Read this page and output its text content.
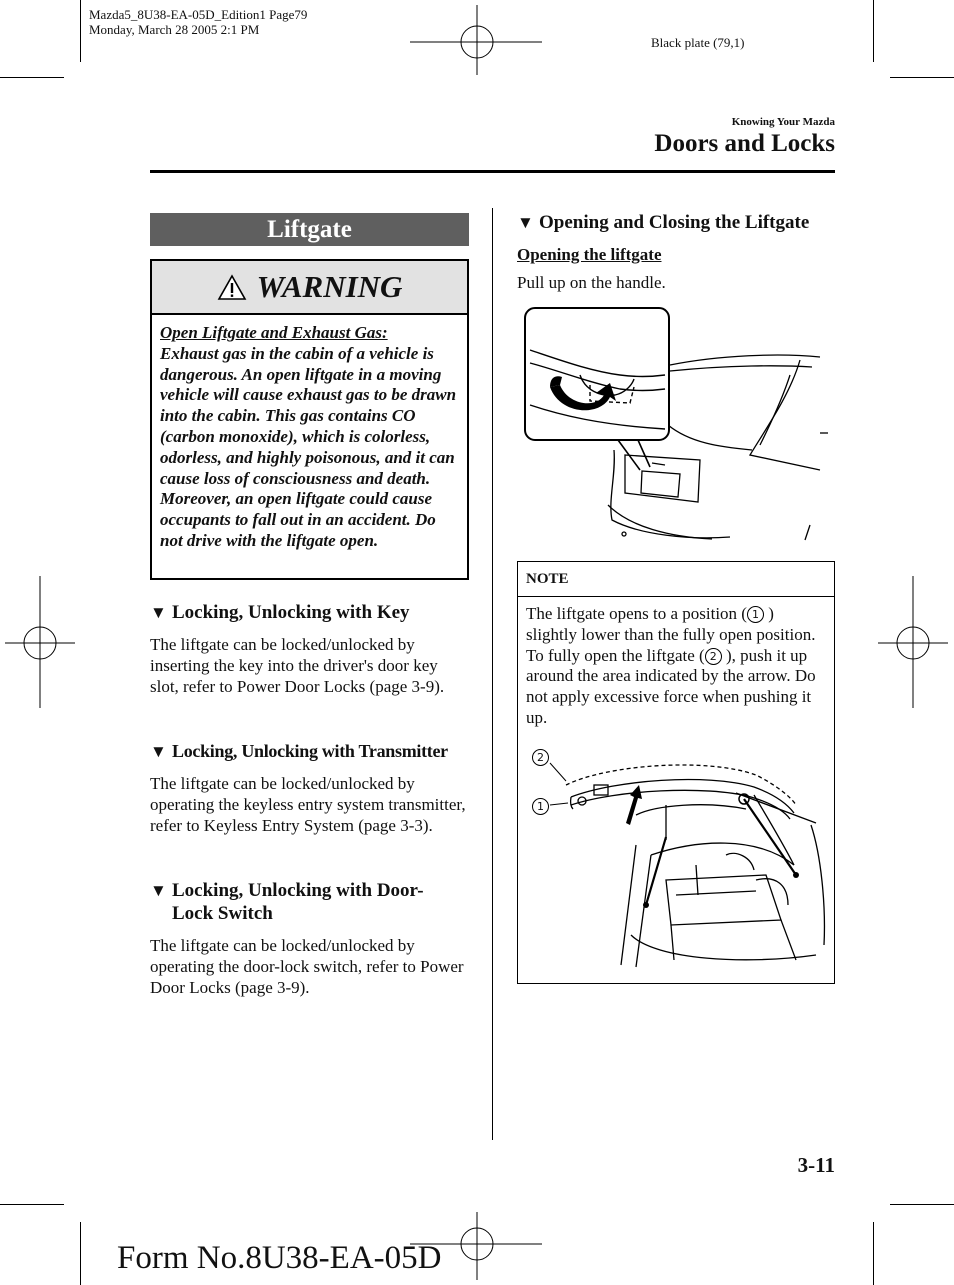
Mazda5_8U38-EA-05D_Edition1 Page79
Monday, March 28 2005 2:1 PM
Black plate (79,1)
Knowing Your Mazda
Doors and Locks
Liftgate
WARNING
Open Liftgate and Exhaust Gas:
Exhaust gas in the cabin of a vehicle is dangerous. An open liftgate in a moving vehicle will cause exhaust gas to be drawn into the cabin. This gas contains CO (carbon monoxide), which is colorless, odorless, and highly poisonous, and it can cause loss of consciousness and death. Moreover, an open liftgate could cause occupants to fall out in an accident. Do not drive with the liftgate open.
▼ Locking, Unlocking with Key
The liftgate can be locked/unlocked by inserting the key into the driver's door key slot, refer to Power Door Locks (page 3-9).
▼ Locking, Unlocking with Transmitter
The liftgate can be locked/unlocked by operating the keyless entry system transmitter, refer to Keyless Entry System (page 3-3).
▼ Locking, Unlocking with Door-Lock Switch
The liftgate can be locked/unlocked by operating the door-lock switch, refer to Power Door Locks (page 3-9).
▼ Opening and Closing the Liftgate
Opening the liftgate
Pull up on the handle.
NOTE
The liftgate opens to a position ( 1 ) slightly lower than the fully open position. To fully open the liftgate ( 2 ), push it up around the area indicated by the arrow. Do not apply excessive force when pushing it up.
2
1
3-11
Form No.8U38-EA-05D
